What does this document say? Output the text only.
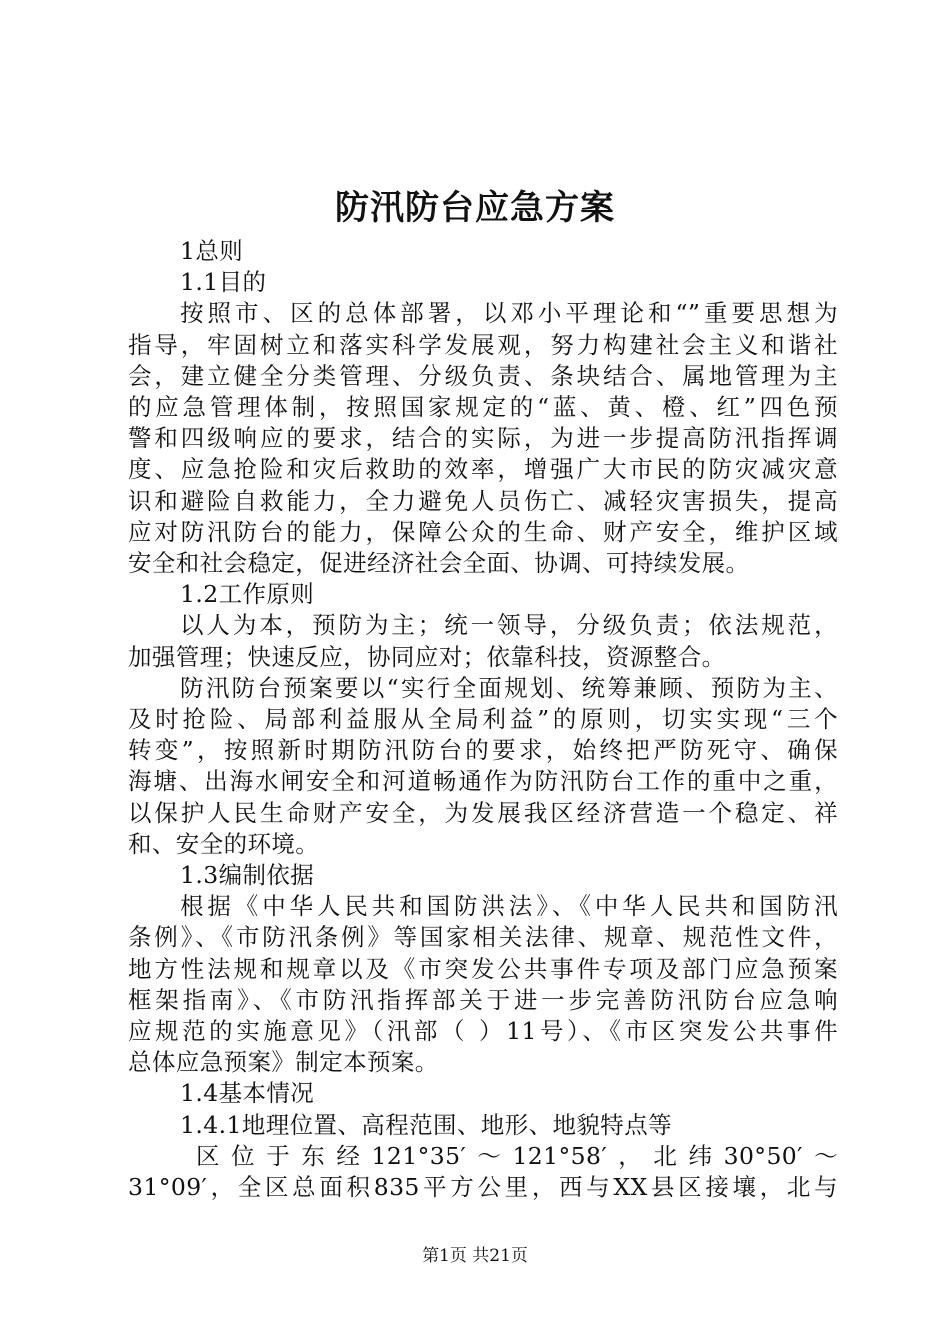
防汛防台应急方案

1总则

1.1目的

按照市、区的总体部署，以邓小平理论和“”重要思想为

指导，牢固树立和落实科学发展观，努力构建社会主义和谐社

会，建立健全分类管理、分级负责、条块结合、属地管理为主

的应急管理体制，按照国家规定的“蓝、黄、橙、红”四色预

警和四级响应的要求，结合的实际，为进一步提高防汛指挥调

度、应急抢险和灾后救助的效率，增强广大市民的防灾减灾意

识和避险自救能力，全力避免人员伤亡、减轻灾害损失，提高

应对防汛防台的能力，保障公众的生命、财产安全，维护区域

安全和社会稳定，促进经济社会全面、协调、可持续发展。

1.2工作原则

以人为本，预防为主；统一领导，分级负责；依法规范，

加强管理；快速反应，协同应对；依靠科技，资源整合。

防汛防台预案要以“实行全面规划、统筹兼顾、预防为主、

及时抢险、局部利益服从全局利益”的原则，切实实现“三个

转变”，按照新时期防汛防台的要求，始终把严防死守、确保

海塘、出海水闸安全和河道畅通作为防汛防台工作的重中之重，

以保护人民生命财产安全，为发展我区经济营造一个稳定、祥

和、安全的环境。

1.3编制依据

根据《中华人民共和国防洪法》、《中华人民共和国防汛

条例》、《市防汛条例》等国家相关法律、规章、规范性文件，

地方性法规和规章以及《市突发公共事件专项及部门应急预案

框架指南》、《市防汛指挥部关于进一步完善防汛防台应急响

应规范的实施意见》（汛部（ ）11号）、《市区突发公共事件

总体应急预案》制定本预案。

1.4基本情况

1.4.1地理位置、高程范围、地形、地貌特点等

区位于东经121°35′～121°58′，北纬30°50′～

31°09′，全区总面积835平方公里，西与XX县区接壤，北与

第1页 共21页
